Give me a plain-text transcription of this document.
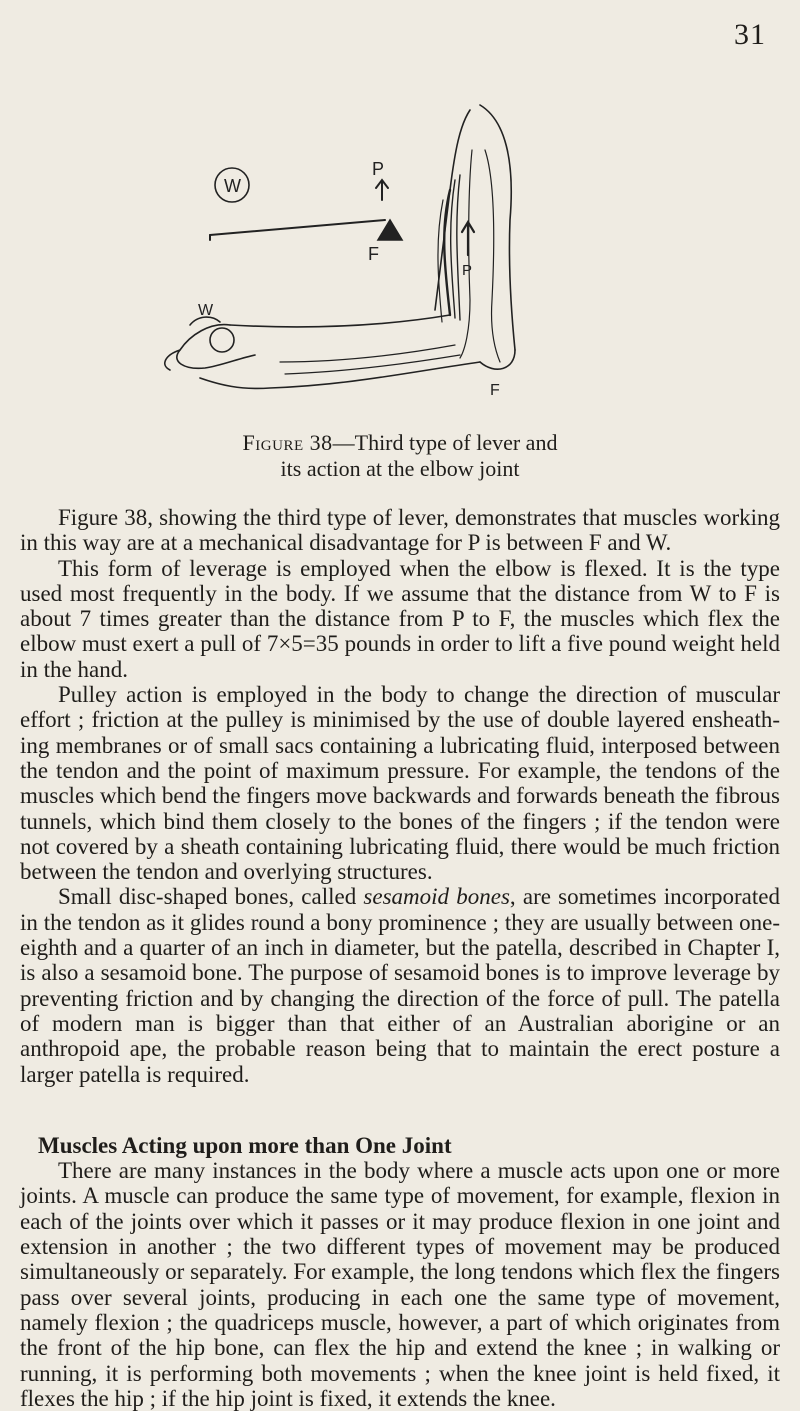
31
W
P
F
P
W
F
Figure 38—Third type of lever and
its action at the elbow joint

Figure 38, showing the third type of lever, demonstrates that muscles working in this way are at a mechanical disadvantage for P is between F and W.

This form of leverage is employed when the elbow is flexed. It is the type used most frequently in the body. If we assume that the distance from W to F is about 7 times greater than the distance from P to F, the muscles which flex the elbow must exert a pull of 7×5=35 pounds in order to lift a five pound weight held in the hand.

Pulley action is employed in the body to change the direction of muscular effort ; friction at the pulley is minimised by the use of double layered ensheath-ing membranes or of small sacs containing a lubricating fluid, interposed between the tendon and the point of maximum pressure. For example, the tendons of the muscles which bend the fingers move backwards and forwards beneath the fibrous tunnels, which bind them closely to the bones of the fingers ; if the tendon were not covered by a sheath containing lubricating fluid, there would be much friction between the tendon and overlying structures.

Small disc-shaped bones, called sesamoid bones, are sometimes incorporated in the tendon as it glides round a bony prominence ; they are usually between one-eighth and a quarter of an inch in diameter, but the patella, described in Chapter I, is also a sesamoid bone. The purpose of sesamoid bones is to improve leverage by preventing friction and by changing the direction of the force of pull. The patella of modern man is bigger than that either of an Australian aborigine or an anthropoid ape, the probable reason being that to maintain the erect posture a larger patella is required.

Muscles Acting upon more than One Joint

There are many instances in the body where a muscle acts upon one or more joints. A muscle can produce the same type of movement, for example, flexion in each of the joints over which it passes or it may produce flexion in one joint and extension in another ; the two different types of movement may be produced simultaneously or separately. For example, the long tendons which flex the fingers pass over several joints, producing in each one the same type of movement, namely flexion ; the quadriceps muscle, however, a part of which originates from the front of the hip bone, can flex the hip and extend the knee ; in walking or running, it is performing both movements ; when the knee joint is held fixed, it flexes the hip ; if the hip joint is fixed, it extends the knee.
